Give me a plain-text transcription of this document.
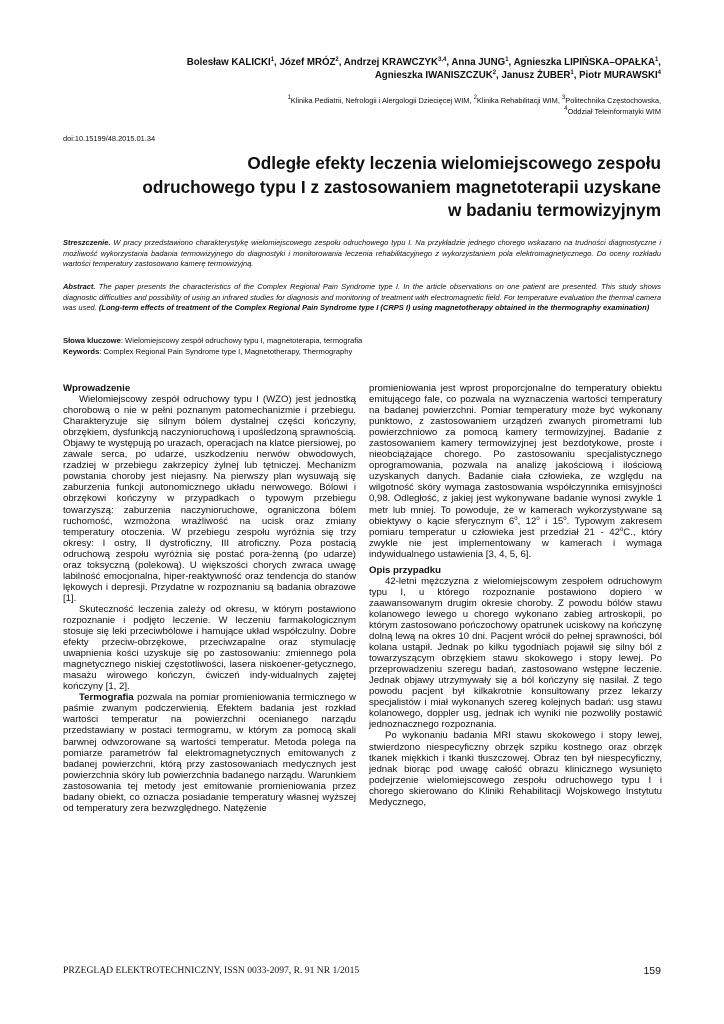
Bolesław KALICKI$^1$, Józef MRÓZ$^2$, Andrzej KRAWCZYK$^{3,4}$, Anna JUNG$^1$, Agnieszka LIPIŃSKA–OPAŁKA$^1$,
Agnieszka IWANISZCZUK$^2$, Janusz ŻUBER$^1$, Piotr MURAWSKI$^4$
$^1$Klinika Pediatrii, Nefrologii i Alergologii Dziecięcej WIM, $^2$Klinika Rehabilitacji WIM, $^3$Politechnika Częstochowska,
$^4$Oddział Teleinformatyki WIM
doi:10.15199/48.2015.01.34
Odległe efekty leczenia wielomiejscowego zespołu
odruchowego typu I z zastosowaniem magnetoterapii uzyskane
w badaniu termowizyjnym
Streszczenie. W pracy przedstawiono charakterystykę wielomiejscowego zespołu odruchowego typu I. Na przykładzie jednego chorego wskazano na trudności diagnostyczne i możliwość wykorzystania badania termowizyjnego do diagnostyki i monitorowania leczenia rehabilitacyjnego z wykorzystaniem pola elektromagnetycznego. Do oceny rozkładu wartości temperatury zastosowano kamerę termowizyjną.
Abstract. The paper presents the characteristics of the Complex Regional Pain Syndrome type I. In the article observations on one patient are presented. This study shows diagnostic difficulties and possibility of using an infrared studies for diagnosis and monitoring of treatment with electromagnetic field. For temperature evaluation the thermal camera was used. (Long-term effects of treatment of the Complex Regional Pain Syndrome type I (CRPS I) using magnetotherapy obtained in the thermography examination)
Słowa kluczowe: Wielomiejscowy zespół odruchowy typu I, magnetoterapia, termografia
Keywords: Complex Regional Pain Syndrome type I, Magnetotherapy, Thermography

Wprowadzenie

Wielomiejscowy zespół odruchowy typu I (WZO) jest jednostką chorobową o nie w pełni poznanym patomechanizmie i przebiegu. Charakteryzuje się silnym bólem dystalnej części kończyny, obrzękiem, dysfunkcją naczynioruchową i upośledzoną sprawnością. Objawy te występują po urazach, operacjach na klatce piersiowej, po zawale serca, po udarze, uszkodzeniu nerwów obwodowych, rzadziej w przebiegu zakrzepicy żylnej lub tętniczej. Mechanizm powstania choroby jest niejasny. Na pierwszy plan wysuwają się zaburzenia funkcji autonomicznego układu nerwowego. Bólowi i obrzękowi kończyny w przypadkach o typowym przebiegu towarzyszą: zaburzenia naczynioruchowe, ograniczona bólem ruchomość, wzmożona wrażliwość na ucisk oraz zmiany temperatury otoczenia. W przebiegu zespołu wyróżnia się trzy okresy: I ostry, II dystroficzny, III atroficzny. Poza postacią odruchową zespołu wyróżnia się postać pora-żenną (po udarze) oraz toksyczną (polekową). U większości chorych zwraca uwagę labilność emocjonalna, hiper-reaktywność oraz tendencja do stanów lękowych i depresji. Przydatne w rozpoznaniu są badania obrazowe [1].

Skuteczność leczenia zależy od okresu, w którym postawiono rozpoznanie i podjęto leczenie. W leczeniu farmakologicznym stosuje się leki przeciwbólowe i hamujące układ współczulny. Dobre efekty przeciw-obrzękowe, przeciwzapalne oraz stymulację uwapnienia kości uzyskuje się po zastosowaniu: zmiennego pola magnetycznego niskiej częstotliwości, lasera niskoener-getycznego, masażu wirowego kończyn, ćwiczeń indy-widualnych zajętej kończyny [1, 2].

Termografia pozwala na pomiar promieniowania termicznego w paśmie zwanym podczerwienią. Efektem badania jest rozkład wartości temperatur na powierzchni ocenianego narządu przedstawiany w postaci termogramu, w którym za pomocą skali barwnej odwzorowane są wartości temperatur. Metoda polega na pomiarze parametrów fal elektromagnetycznych emitowanych z badanej powierzchni, którą przy zastosowaniach medycznych jest powierzchnia skóry lub powierzchnia badanego narządu. Warunkiem zastosowania tej metody jest emitowanie promieniowania przez badany obiekt, co oznacza posiadanie temperatury własnej wyższej od temperatury zera bezwzględnego. Natężenie

promieniowania jest wprost proporcjonalne do temperatury obiektu emitującego fale, co pozwala na wyznaczenia wartości temperatury na badanej powierzchni. Pomiar temperatury może być wykonany punktowo, z zastosowaniem urządzeń zwanych pirometrami lub powierzchniowo za pomocą kamery termowizyjnej. Badanie z zastosowaniem kamery termowizyjnej jest bezdotykowe, proste i nieobciążające chorego. Po zastosowaniu specjalistycznego oprogramowania, pozwala na analizę jakościową i ilościową uzyskanych danych. Badanie ciała człowieka, ze względu na wilgotność skóry wymaga zastosowania współczynnika emisyjności 0,98. Odległość, z jakiej jest wykonywane badanie wynosi zwykle 1 metr lub mniej. To powoduje, że w kamerach wykorzystywane są obiektywy o kącie sferycznym 6$^o$, 12$^o$ i 15$^o$. Typowym zakresem pomiaru temperatur u człowieka jest przedział 21 - 42$^o$C., który zwykle nie jest implementowany w kamerach i wymaga indywidualnego ustawienia [3, 4, 5, 6].

Opis przypadku

42-letni mężczyzna z wielomiejscowym zespołem odruchowym typu I, u którego rozpoznanie postawiono dopiero w zaawansowanym drugim okresie choroby. Z powodu bólów stawu kolanowego lewego u chorego wykonano zabieg artroskopii, po którym zastosowano pończochowy opatrunek uciskowy na kończynę dolną lewą na okres 10 dni. Pacjent wrócił do pełnej sprawności, ból kolana ustąpił. Jednak po kilku tygodniach pojawił się silny ból z towarzyszącym obrzękiem stawu skokowego i stopy lewej. Po przeprowadzeniu szeregu badań, zastosowano wstępne leczenie. Jednak objawy utrzymywały się a ból kończyny się nasilał. Z tego powodu pacjent był kilkakrotnie konsultowany przez lekarzy specjalistów i miał wykonanych szereg kolejnych badań: usg stawu kolanowego, doppler usg, jednak ich wyniki nie pozwoliły postawić jednoznacznego rozpoznania.

Po wykonaniu badania MRI stawu skokowego i stopy lewej, stwierdzono niespecyficzny obrzęk szpiku kostnego oraz obrzęk tkanek miękkich i tkanki tłuszczowej. Obraz ten był niespecyficzny, jednak biorąc pod uwagę całość obrazu klinicznego wysunięto podejrzenie wielomiejscowego zespołu odruchowego typu I i chorego skierowano do Kliniki Rehabilitacji Wojskowego Instytutu Medycznego,

PRZEGLĄD ELEKTROTECHNICZNY, ISSN 0033-2097, R. 91 NR 1/2015	159
